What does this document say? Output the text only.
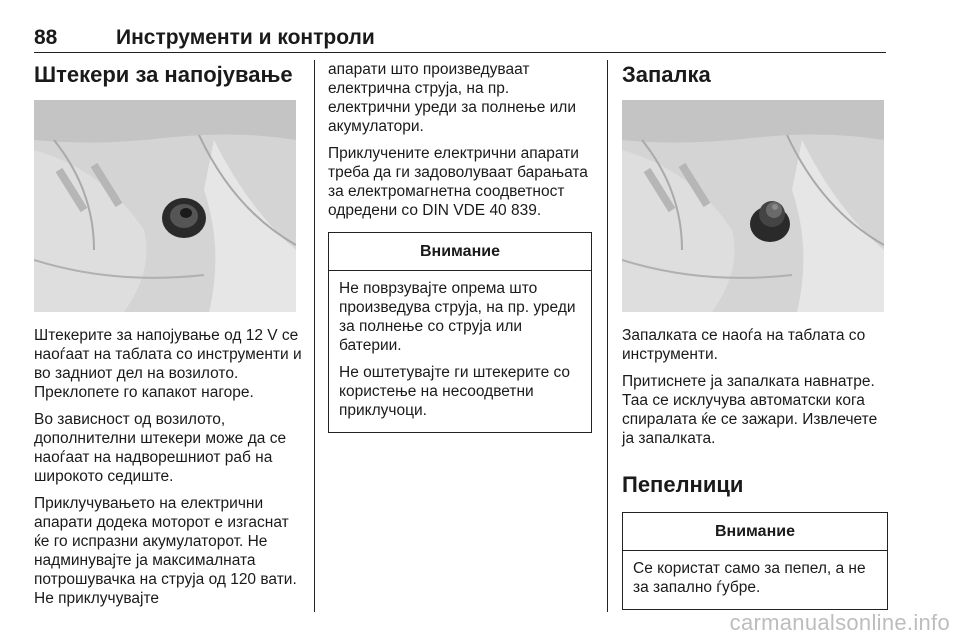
88	Инструменти и контроли
Штекери за напојување

Штекерите за напојување од 12 V се наоѓаат на таблата со инструменти и во задниот дел на возилото. Преклопете го капакот нагоре.

Во зависност од возилото, дополнителни штекери може да се наоѓаат на надворешниот раб на широкото седиште.

Приклучувањето на електрични апарати додека моторот е изгаснат ќе го испразни акумулаторот. Не надминувајте ја максималната потрошувачка на струја од 120 вати. Не приклучувајте

апарати што произведуваат електрична струја, на пр. електрични уреди за полнење или акумулатори.

Приклучените електрични апарати треба да ги задоволуваат барањата за електромагнетна соодветност одредени со DIN VDE 40 839.

Внимание

Не поврзувајте опрема што произведува струја, на пр. уреди за полнење со струја или батерии.

Не оштетувајте ги штекерите со користење на несоодветни приклучоци.

Запалка

Запалката се наоѓа на таблата со инструменти.

Притиснете ја запалката навнатре. Таа се исклучува автоматски кога спиралата ќе се зажари. Извлечете ја запалката.

Пепелници
Внимание

Се користат само за пепел, а не за запално ѓубре.

carmanualsonline.info
